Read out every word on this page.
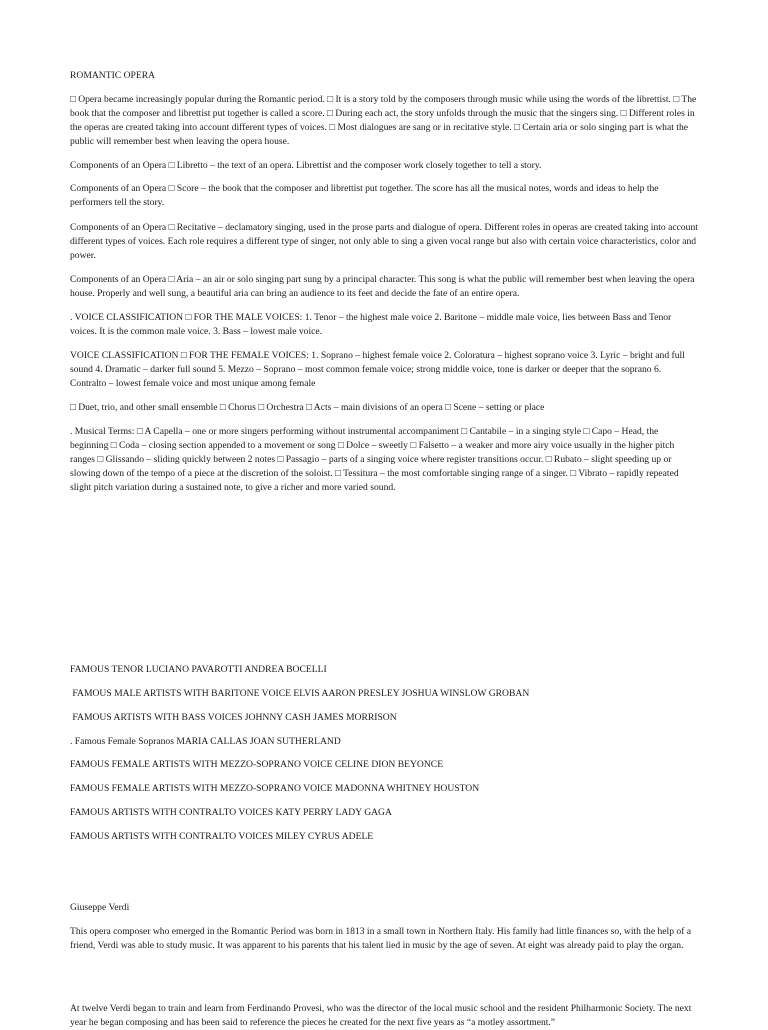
ROMANTIC OPERA

□ Opera became increasingly popular during the Romantic period. □ It is a story told by the composers through music while using the words of the librettist. □ The book that the composer and librettist put together is called a score. □ During each act, the story unfolds through the music that the singers sing. □ Different roles in the operas are created taking into account different types of voices. □ Most dialogues are sang or in recitative style. □ Certain aria or solo singing part is what the public will remember best when leaving the opera house.

Components of an Opera □ Libretto – the text of an opera. Librettist and the composer work closely together to tell a story.

Components of an Opera □ Score – the book that the composer and librettist put together. The score has all the musical notes, words and ideas to help the performers tell the story.

Components of an Opera □ Recitative – declamatory singing, used in the prose parts and dialogue of opera. Different roles in operas are created taking into account different types of voices. Each role requires a different type of singer, not only able to sing a given vocal range but also with certain voice characteristics, color and power.

Components of an Opera □ Aria – an air or solo singing part sung by a principal character. This song is what the public will remember best when leaving the opera house. Properly and well sung, a beautiful aria can bring an audience to its feet and decide the fate of an entire opera.

. VOICE CLASSIFICATION □ FOR THE MALE VOICES: 1. Tenor – the highest male voice 2. Baritone – middle male voice, lies between Bass and Tenor voices. It is the common male voice. 3. Bass – lowest male voice.

VOICE CLASSIFICATION □ FOR THE FEMALE VOICES: 1. Soprano – highest female voice 2. Coloratura – highest soprano voice 3. Lyric – bright and full sound 4. Dramatic – darker full sound 5. Mezzo – Soprano – most common female voice; strong middle voice, tone is darker or deeper that the soprano 6. Contralto – lowest female voice and most unique among female

□ Duet, trio, and other small ensemble □ Chorus □ Orchestra □ Acts – main divisions of an opera □ Scene – setting or place

. Musical Terms: □ A Capella – one or more singers performing without instrumental accompaniment □ Cantabile – in a singing style □ Capo – Head, the beginning □ Coda – closing section appended to a movement or song □ Dolce – sweetly □ Falsetto – a weaker and more airy voice usually in the higher pitch ranges □ Glissando – sliding quickly between 2 notes □ Passagio – parts of a singing voice where register transitions occur. □ Rubato – slight speeding up or slowing down of the tempo of a piece at the discretion of the soloist. □ Tessitura – the most comfortable singing range of a singer. □ Vibrato – rapidly repeated slight pitch variation during a sustained note, to give a richer and more varied sound.

FAMOUS TENOR LUCIANO PAVAROTTI ANDREA BOCELLI

FAMOUS MALE ARTISTS WITH BARITONE VOICE ELVIS AARON PRESLEY JOSHUA WINSLOW GROBAN

FAMOUS ARTISTS WITH BASS VOICES JOHNNY CASH JAMES MORRISON

. Famous Female Sopranos MARIA CALLAS JOAN SUTHERLAND

FAMOUS FEMALE ARTISTS WITH MEZZO-SOPRANO VOICE CELINE DION BEYONCE

FAMOUS FEMALE ARTISTS WITH MEZZO-SOPRANO VOICE MADONNA WHITNEY HOUSTON

FAMOUS ARTISTS WITH CONTRALTO VOICES KATY PERRY LADY GAGA

FAMOUS ARTISTS WITH CONTRALTO VOICES MILEY CYRUS ADELE

Giuseppe Verdi

This opera composer who emerged in the Romantic Period was born in 1813 in a small town in Northern Italy. His family had little finances so, with the help of a friend, Verdi was able to study music. It was apparent to his parents that his talent lied in music by the age of seven. At eight was already paid to play the organ.

At twelve Verdi began to train and learn from Ferdinando Provesi, who was the director of the local music school and the resident Philharmonic Society. The next year he began composing and has been said to reference the pieces he created for the next five years as “a motley assortment.”
